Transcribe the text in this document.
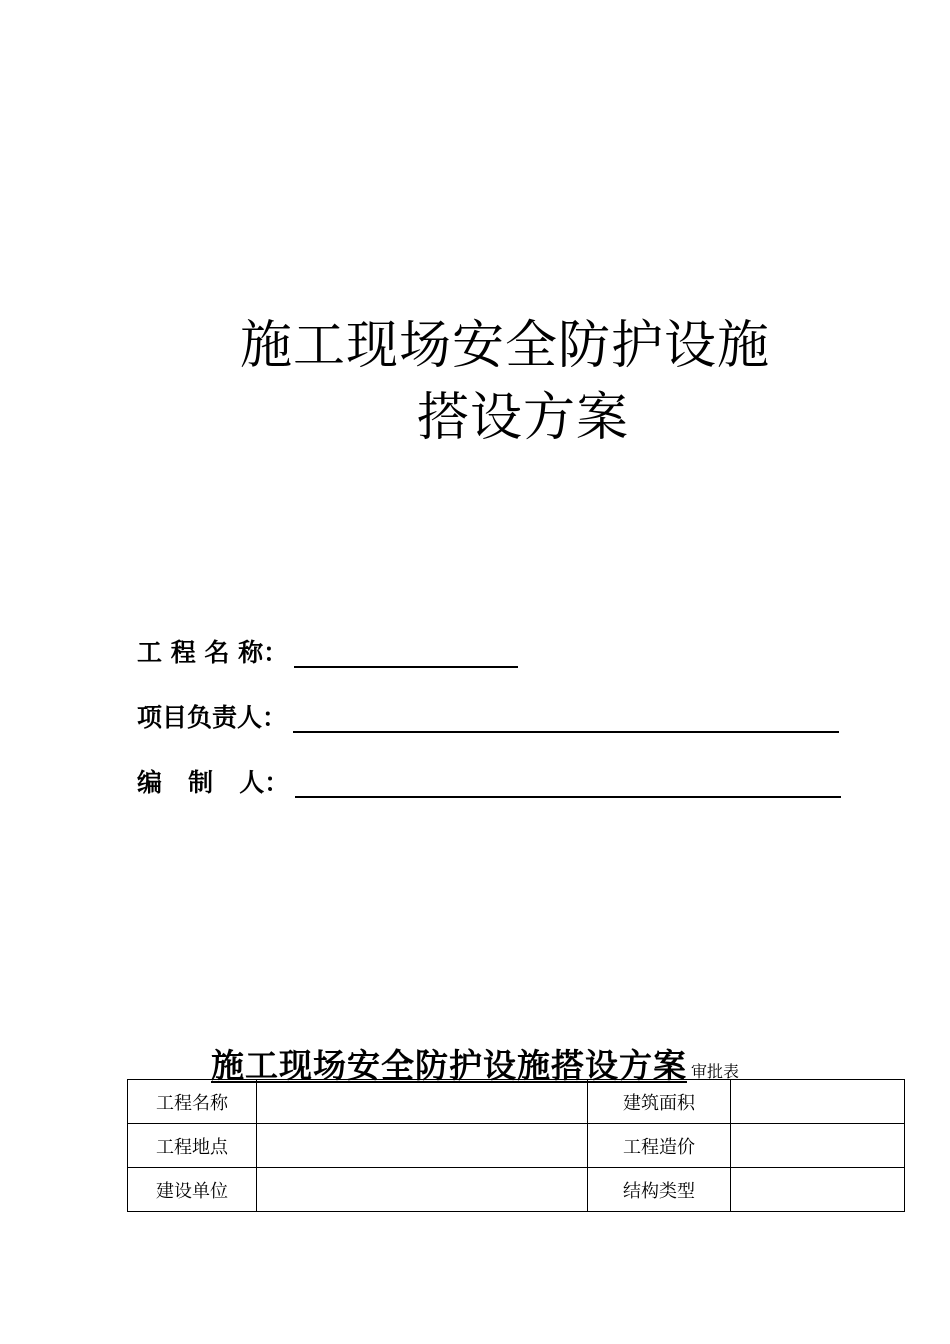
施工现场安全防护设施
搭设方案
工 程 名 称：
项目负责人：
编   制   人：
施工现场安全防护设施搭设方案 审批表
工程名称		建筑面积	
工程地点		工程造价	
建设单位		结构类型	
